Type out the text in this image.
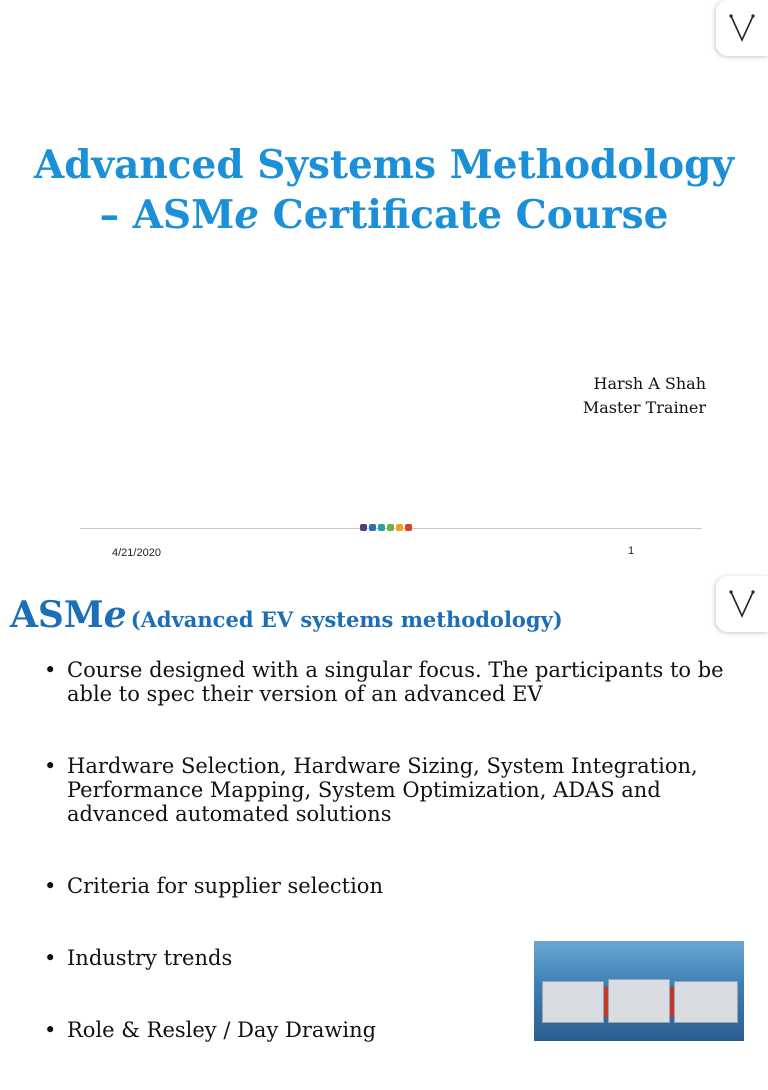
Advanced Systems Methodology
– ASMe Certificate Course
Harsh A Shah
Master Trainer
4/21/2020	1
ASMe (Advanced EV systems methodology)
• Course designed with a singular focus. The participants to be able to spec their version of an advanced EV
• Hardware Selection, Hardware Sizing, System Integration, Performance Mapping, System Optimization, ADAS and advanced automated solutions
• Criteria for supplier selection
• Industry trends
• Role & Resley / Day Drawing
